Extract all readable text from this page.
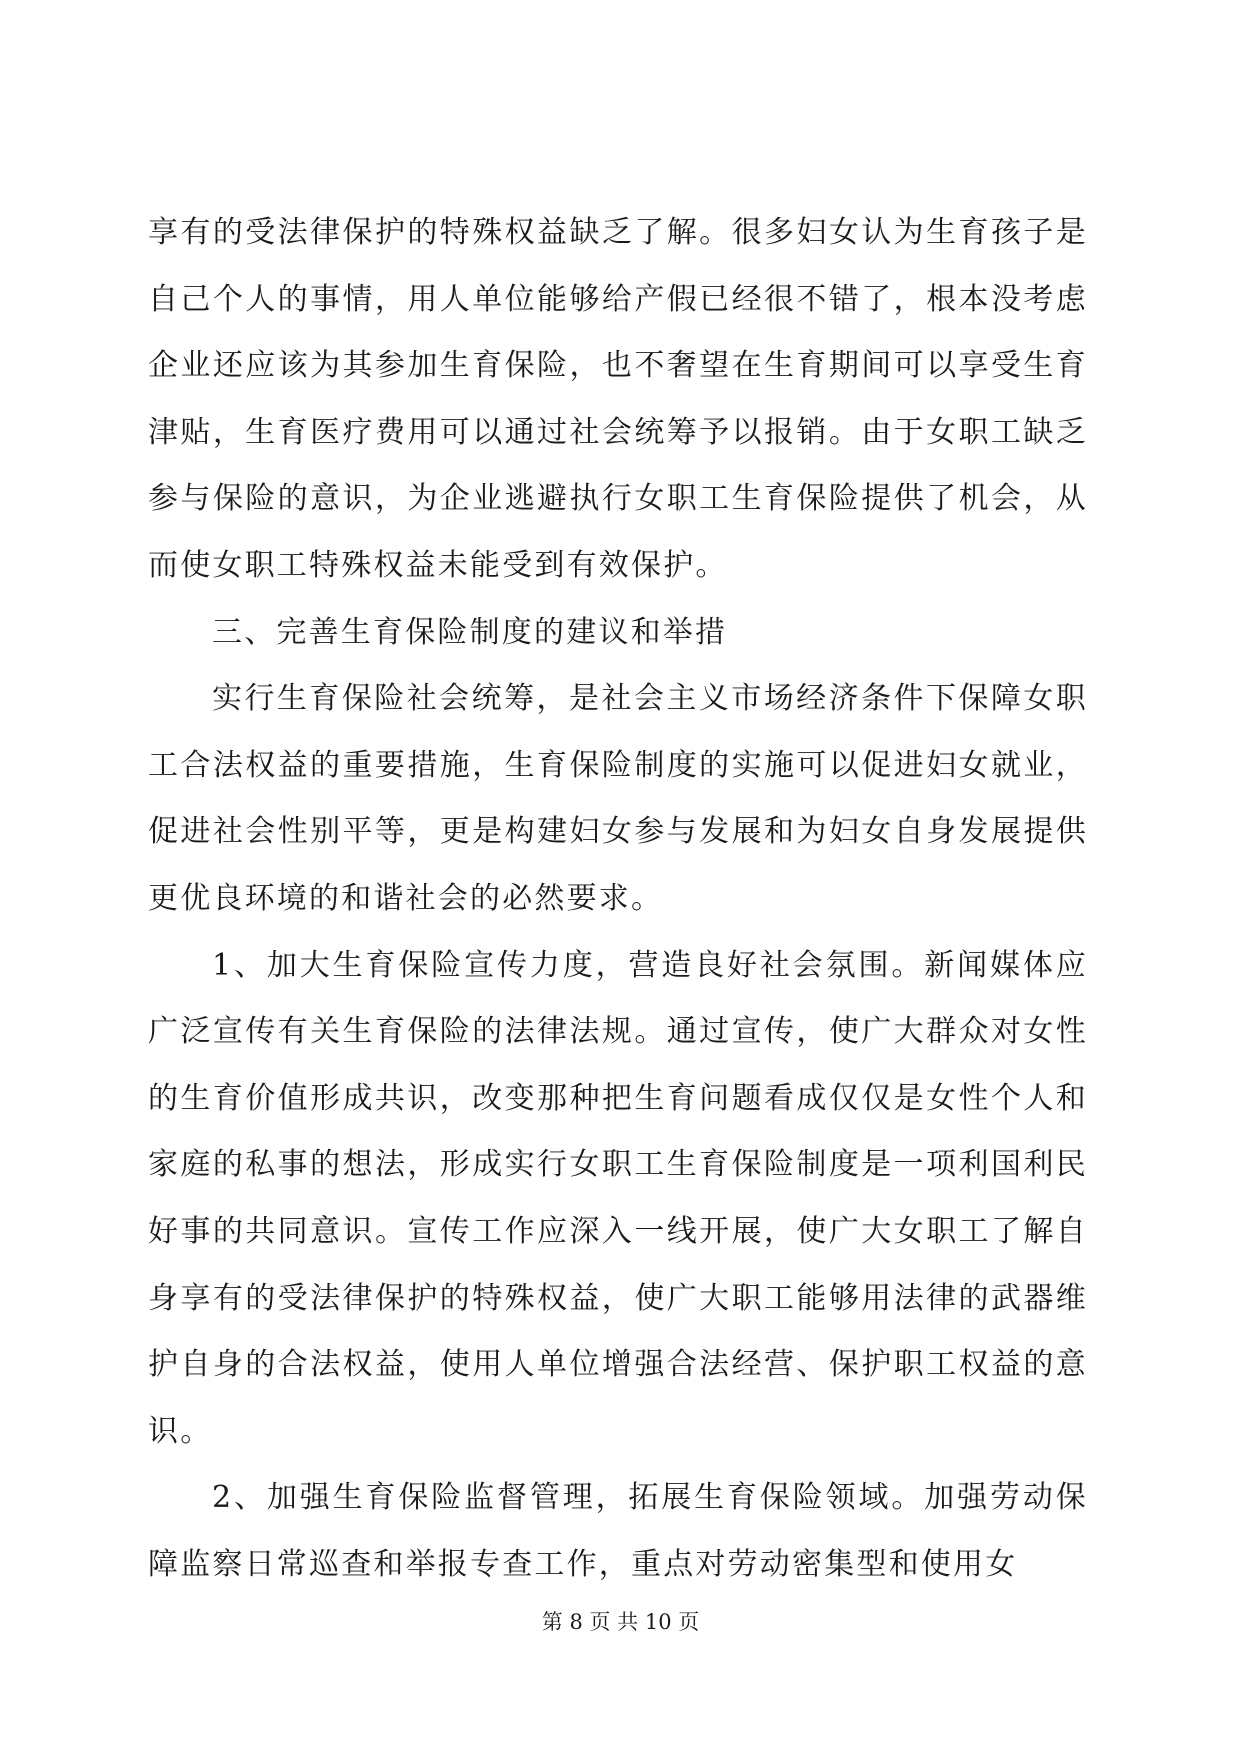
享有的受法律保护的特殊权益缺乏了解。很多妇女认为生育孩子是自己个人的事情，用人单位能够给产假已经很不错了，根本没考虑企业还应该为其参加生育保险，也不奢望在生育期间可以享受生育津贴，生育医疗费用可以通过社会统筹予以报销。由于女职工缺乏参与保险的意识，为企业逃避执行女职工生育保险提供了机会，从而使女职工特殊权益未能受到有效保护。

三、完善生育保险制度的建议和举措

实行生育保险社会统筹，是社会主义市场经济条件下保障女职工合法权益的重要措施，生育保险制度的实施可以促进妇女就业，促进社会性别平等，更是构建妇女参与发展和为妇女自身发展提供更优良环境的和谐社会的必然要求。

1、加大生育保险宣传力度，营造良好社会氛围。新闻媒体应广泛宣传有关生育保险的法律法规。通过宣传，使广大群众对女性的生育价值形成共识，改变那种把生育问题看成仅仅是女性个人和家庭的私事的想法，形成实行女职工生育保险制度是一项利国利民好事的共同意识。宣传工作应深入一线开展，使广大女职工了解自身享有的受法律保护的特殊权益，使广大职工能够用法律的武器维护自身的合法权益，使用人单位增强合法经营、保护职工权益的意识。

2、加强生育保险监督管理，拓展生育保险领域。加强劳动保障监察日常巡查和举报专查工作，重点对劳动密集型和使用女

第 8 页 共 10 页
